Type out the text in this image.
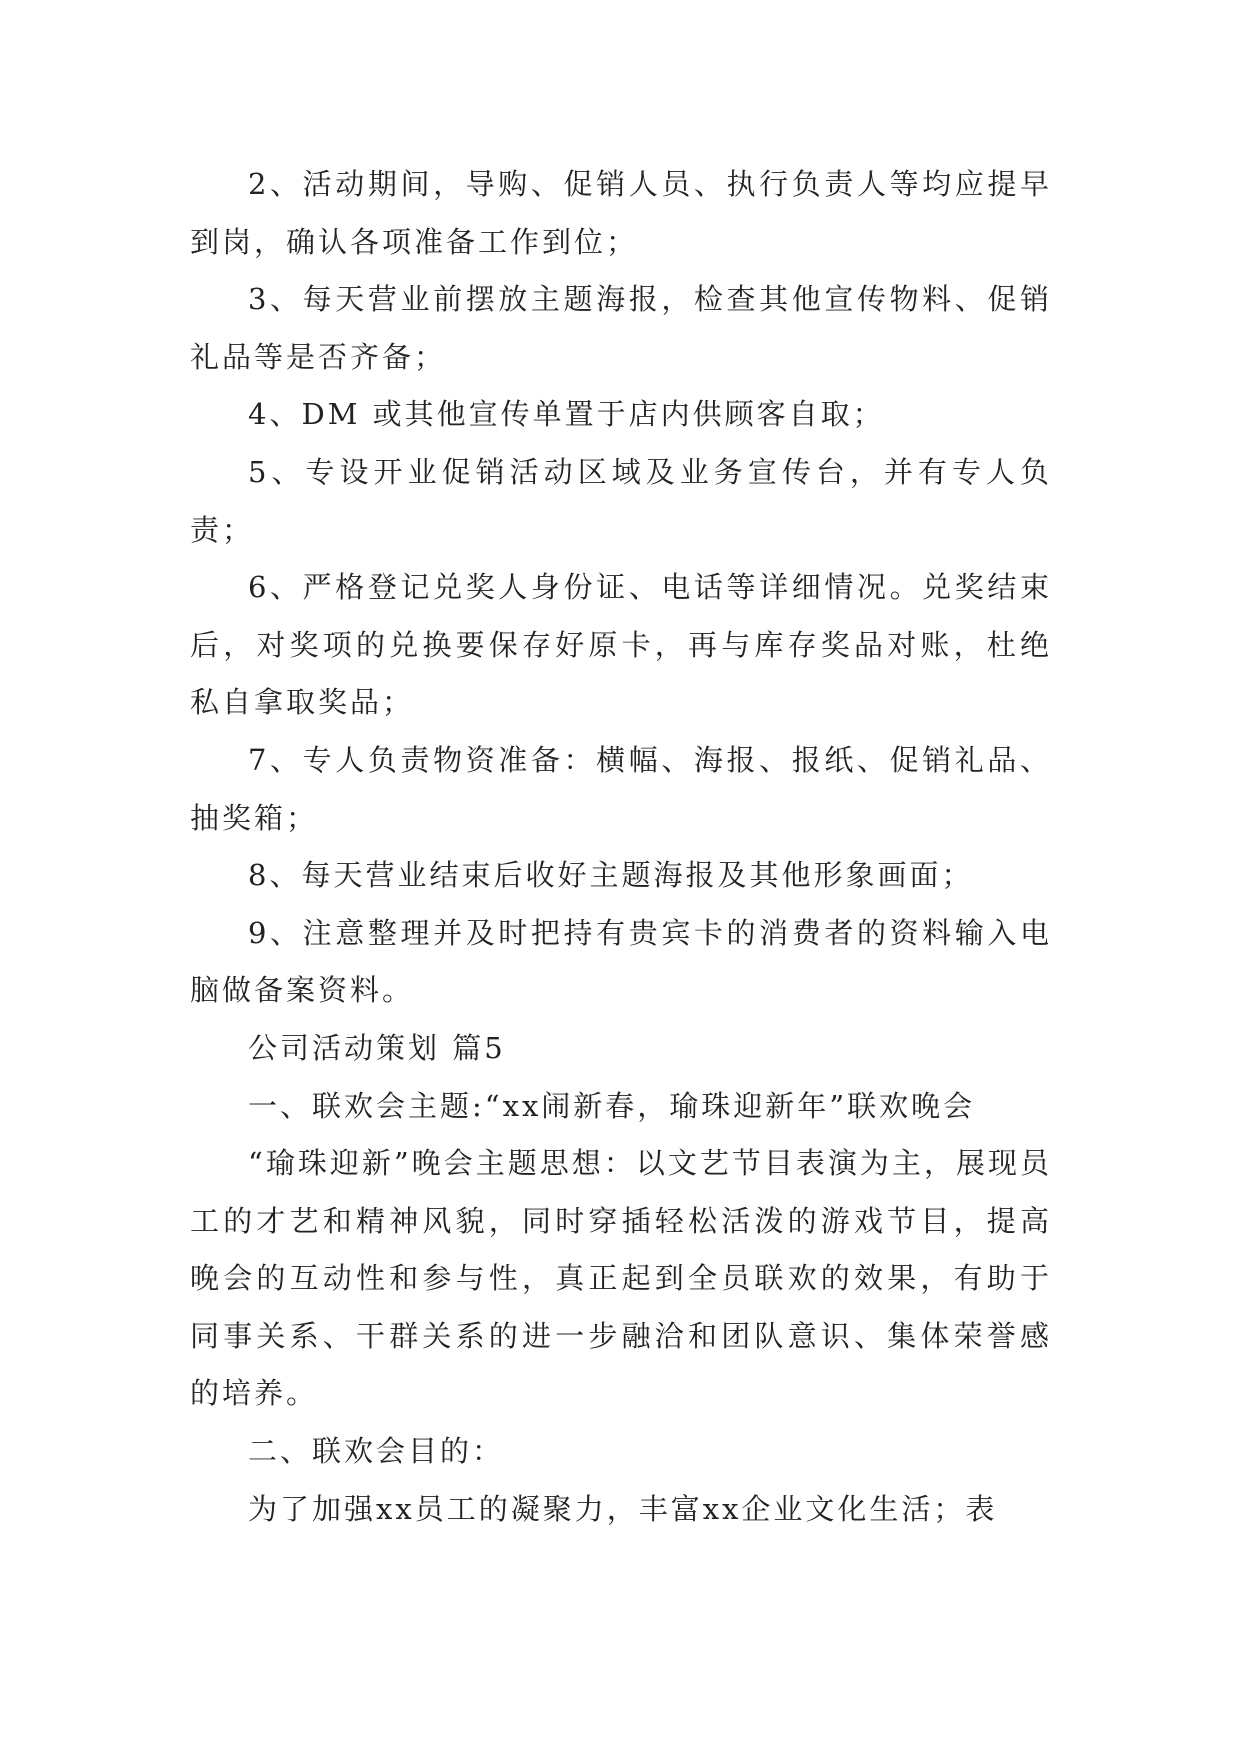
2、活动期间，导购、促销人员、执行负责人等均应提早到岗，确认各项准备工作到位；

3、每天营业前摆放主题海报，检查其他宣传物料、促销礼品等是否齐备；

4、DM 或其他宣传单置于店内供顾客自取；

5、专设开业促销活动区域及业务宣传台，并有专人负责；

6、严格登记兑奖人身份证、电话等详细情况。兑奖结束后，对奖项的兑换要保存好原卡，再与库存奖品对账，杜绝私自拿取奖品；

7、专人负责物资准备：横幅、海报、报纸、促销礼品、抽奖箱；

8、每天营业结束后收好主题海报及其他形象画面；

9、注意整理并及时把持有贵宾卡的消费者的资料输入电脑做备案资料。

公司活动策划 篇5

一、联欢会主题:“xx闹新春，瑜珠迎新年”联欢晚会

“瑜珠迎新”晚会主题思想：以文艺节目表演为主，展现员工的才艺和精神风貌，同时穿插轻松活泼的游戏节目，提高晚会的互动性和参与性，真正起到全员联欢的效果，有助于同事关系、干群关系的进一步融洽和团队意识、集体荣誉感的培养。

二、联欢会目的：

为了加强xx员工的凝聚力，丰富xx企业文化生活；表
